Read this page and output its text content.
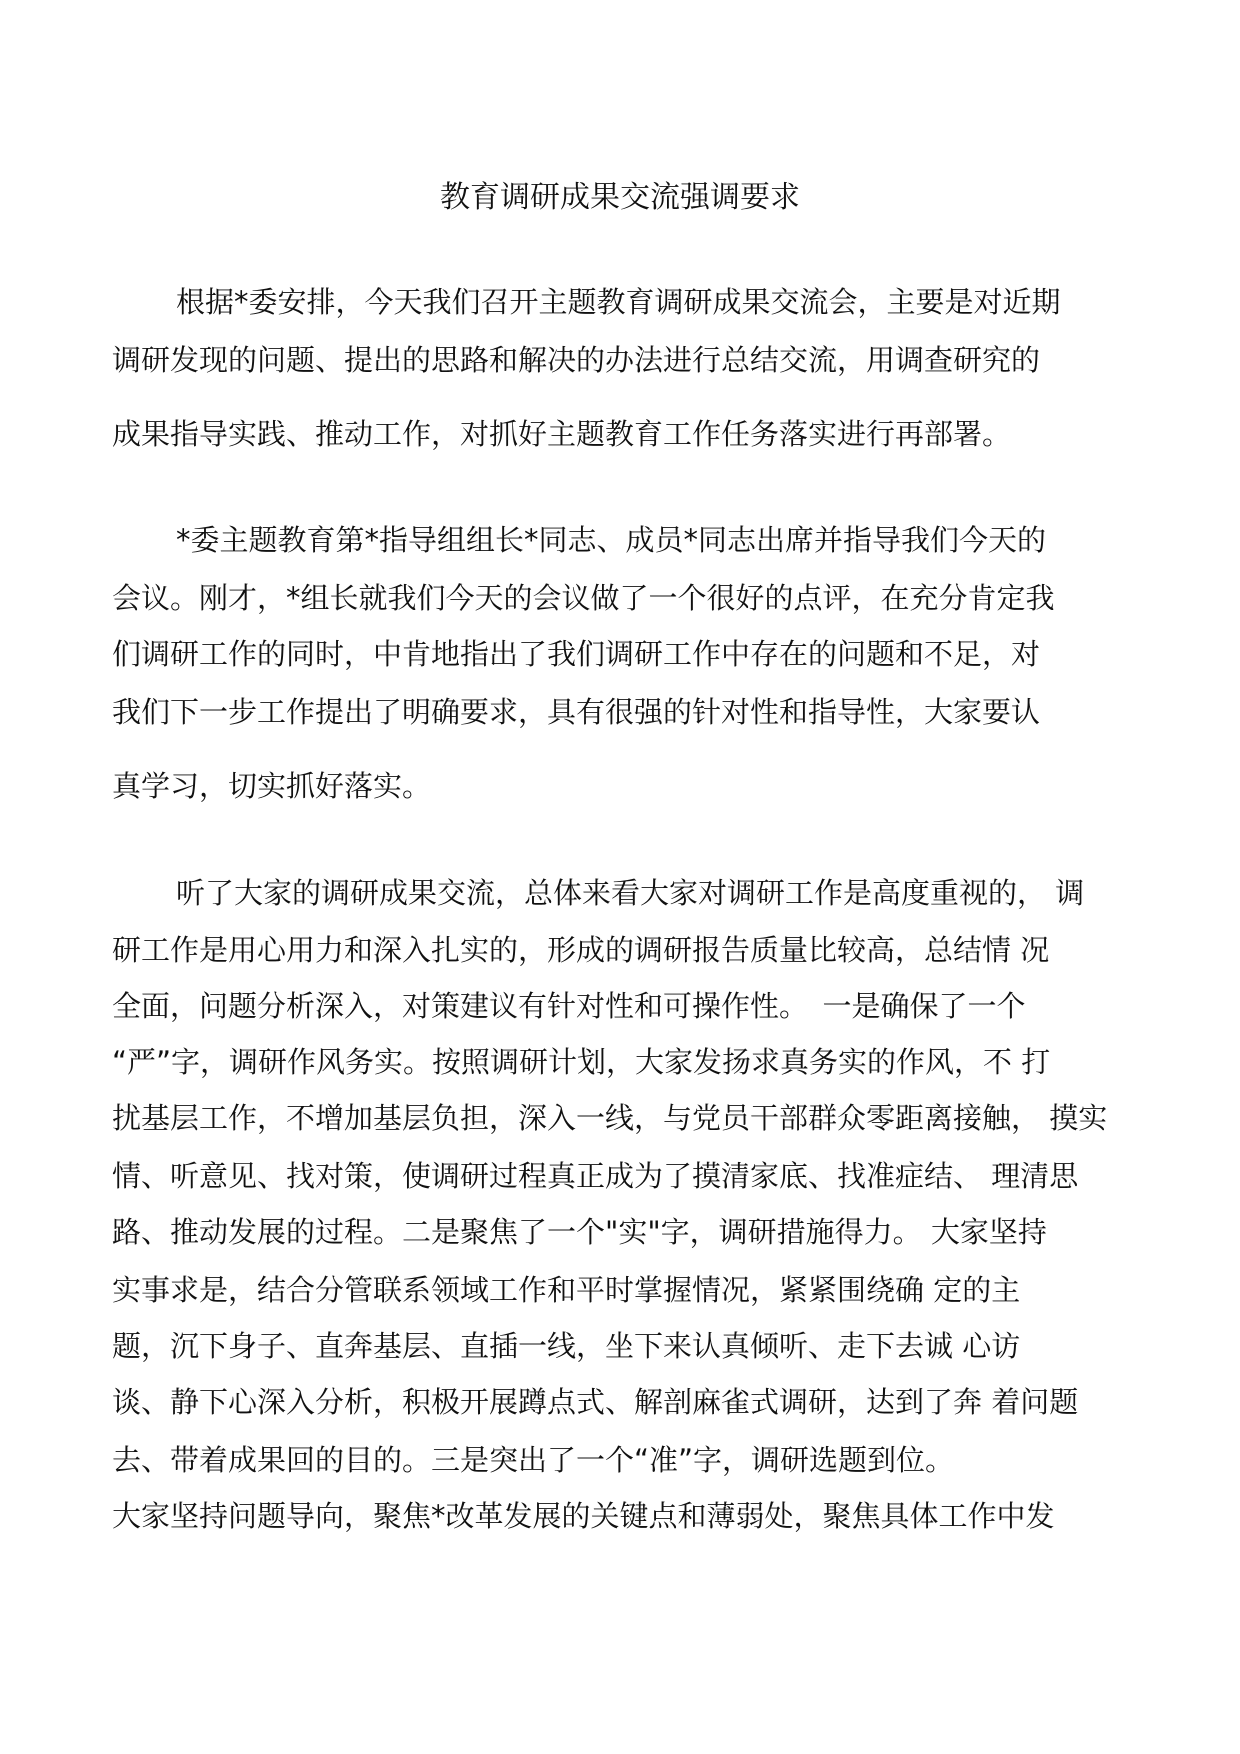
教育调研成果交流强调要求

根据*委安排，今天我们召开主题教育调研成果交流会，主要是对近期

调研发现的问题、提出的思路和解决的办法进行总结交流，用调查研究的

成果指导实践、推动工作，对抓好主题教育工作任务落实进行再部署。

*委主题教育第*指导组组长*同志、成员*同志出席并指导我们今天的

会议。刚才，*组长就我们今天的会议做了一个很好的点评，在充分肯定我

们调研工作的同时，中肯地指出了我们调研工作中存在的问题和不足，对

我们下一步工作提出了明确要求，具有很强的针对性和指导性，大家要认

真学习，切实抓好落实。

听了大家的调研成果交流，总体来看大家对调研工作是高度重视的， 调

研工作是用心用力和深入扎实的，形成的调研报告质量比较高，总结情 况

全面，问题分析深入，对策建议有针对性和可操作性。　一是确保了一个

“严”字，调研作风务实。按照调研计划，大家发扬求真务实的作风，不 打

扰基层工作，不增加基层负担，深入一线，与党员干部群众零距离接触， 摸实

情、听意见、找对策，使调研过程真正成为了摸清家底、找准症结、 理清思

路、推动发展的过程。二是聚焦了一个"实"字，调研措施得力。 大家坚持

实事求是，结合分管联系领域工作和平时掌握情况，紧紧围绕确 定的主

题，沉下身子、直奔基层、直插一线，坐下来认真倾听、走下去诚 心访

谈、静下心深入分析，积极开展蹲点式、解剖麻雀式调研，达到了奔 着问题

去、带着成果回的目的。三是突出了一个“准”字，调研选题到位。

大家坚持问题导向，聚焦*改革发展的关键点和薄弱处，聚焦具体工作中发
